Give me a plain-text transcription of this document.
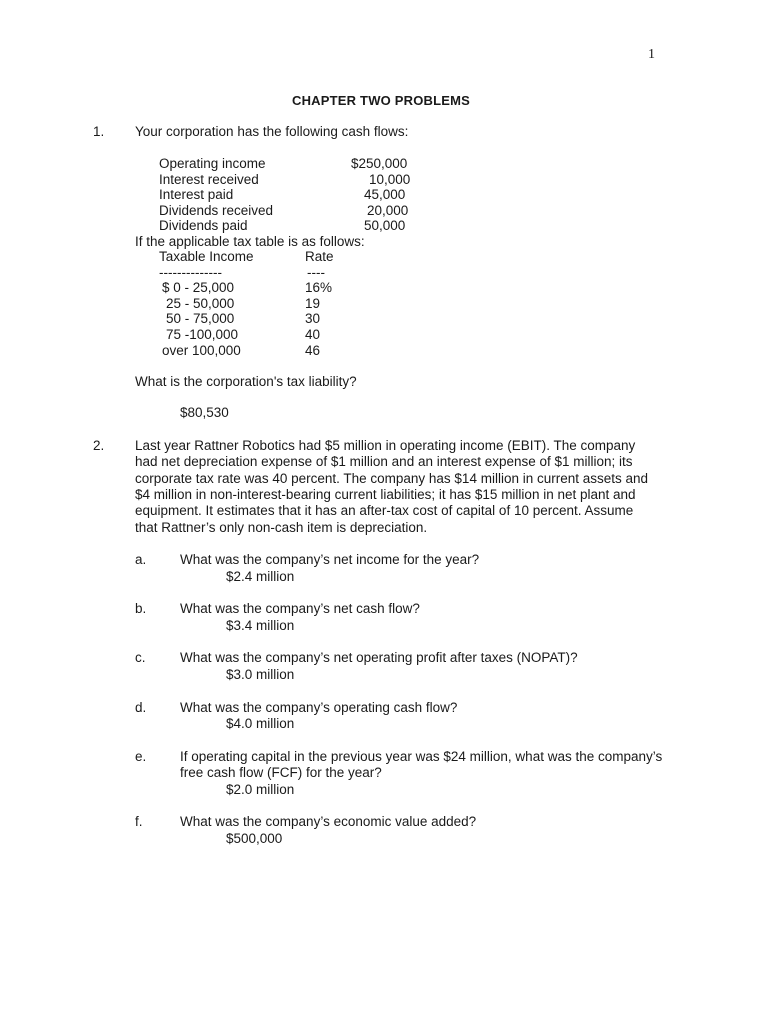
1
CHAPTER TWO PROBLEMS
1. Your corporation has the following cash flows:
Operating income	$250,000
Interest received	10,000
Interest paid	45,000
Dividends received	20,000
Dividends paid	50,000
If the applicable tax table is as follows:
Taxable Income	Rate
--------------	----
$ 0 - 25,000	16%
25 - 50,000	19
50 - 75,000	30
75 -100,000	40
over 100,000	46
What is the corporation's tax liability?
$80,530
2. Last year Rattner Robotics had $5 million in operating income (EBIT). The company
had net depreciation expense of $1 million and an interest expense of $1 million; its
corporate tax rate was 40 percent. The company has $14 million in current assets and
$4 million in non-interest-bearing current liabilities; it has $15 million in net plant and
equipment. It estimates that it has an after-tax cost of capital of 10 percent. Assume
that Rattner’s only non-cash item is depreciation.
a. What was the company’s net income for the year?
$2.4 million
b. What was the company’s net cash flow?
$3.4 million
c.	What was the company’s net operating profit after taxes (NOPAT)?
$3.0 million
d. What was the company’s operating cash flow?
$4.0 million
e. If operating capital in the previous year was $24 million, what was the company’s
free cash flow (FCF) for the year?
$2.0 million
f.	What was the company’s economic value added?
$500,000
